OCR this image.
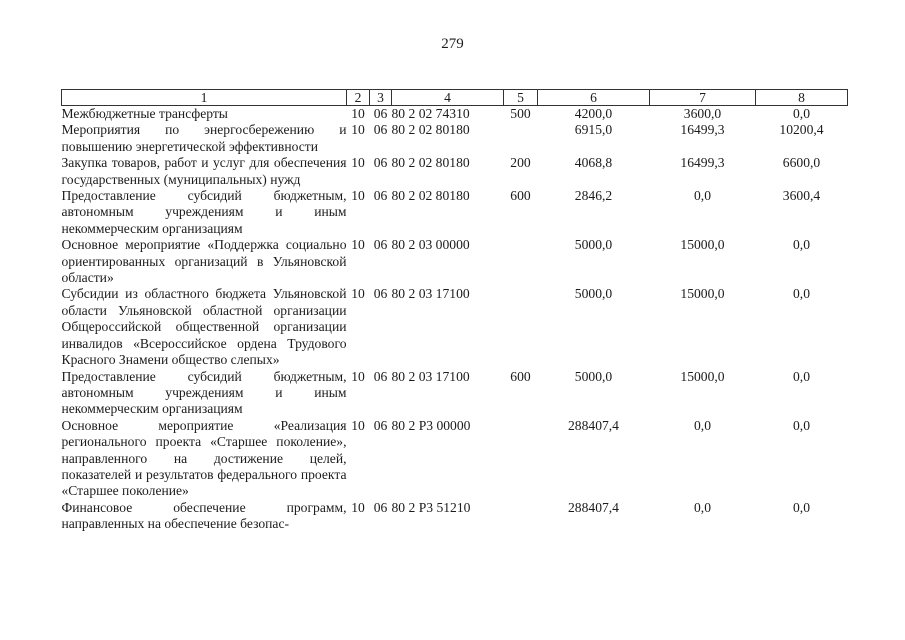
279
1	2	3	4	5	6	7	8
Межбюджетные трансферты	10	06	80 2 02 74310	500	4200,0	3600,0	0,0
Мероприятия по энергосбережению и повышению энергетической эффективности	10	06	80 2 02 80180		6915,0	16499,3	10200,4
Закупка товаров, работ и услуг для обеспечения государственных (муниципальных) нужд	10	06	80 2 02 80180	200	4068,8	16499,3	6600,0
Предоставление субсидий бюджетным, автономным учреждениям и иным некоммерческим организациям	10	06	80 2 02 80180	600	2846,2	0,0	3600,4
Основное мероприятие «Поддержка социально ориентированных организаций в Ульяновской области»	10	06	80 2 03 00000		5000,0	15000,0	0,0
Субсидии из областного бюджета Ульяновской области Ульяновской областной организации Общероссийской общественной организации инвалидов «Всероссийское ордена Трудового Красного Знамени общество слепых»	10	06	80 2 03 17100		5000,0	15000,0	0,0
Предоставление субсидий бюджетным, автономным учреждениям и иным некоммерческим организациям	10	06	80 2 03 17100	600	5000,0	15000,0	0,0
Основное мероприятие «Реализация регионального проекта «Старшее поколение», направленного на достижение целей, показателей и результатов федерального проекта «Старшее поколение»	10	06	80 2 P3 00000		288407,4	0,0	0,0
Финансовое обеспечение программ, направленных на обеспечение безопас-	10	06	80 2 P3 51210		288407,4	0,0	0,0
